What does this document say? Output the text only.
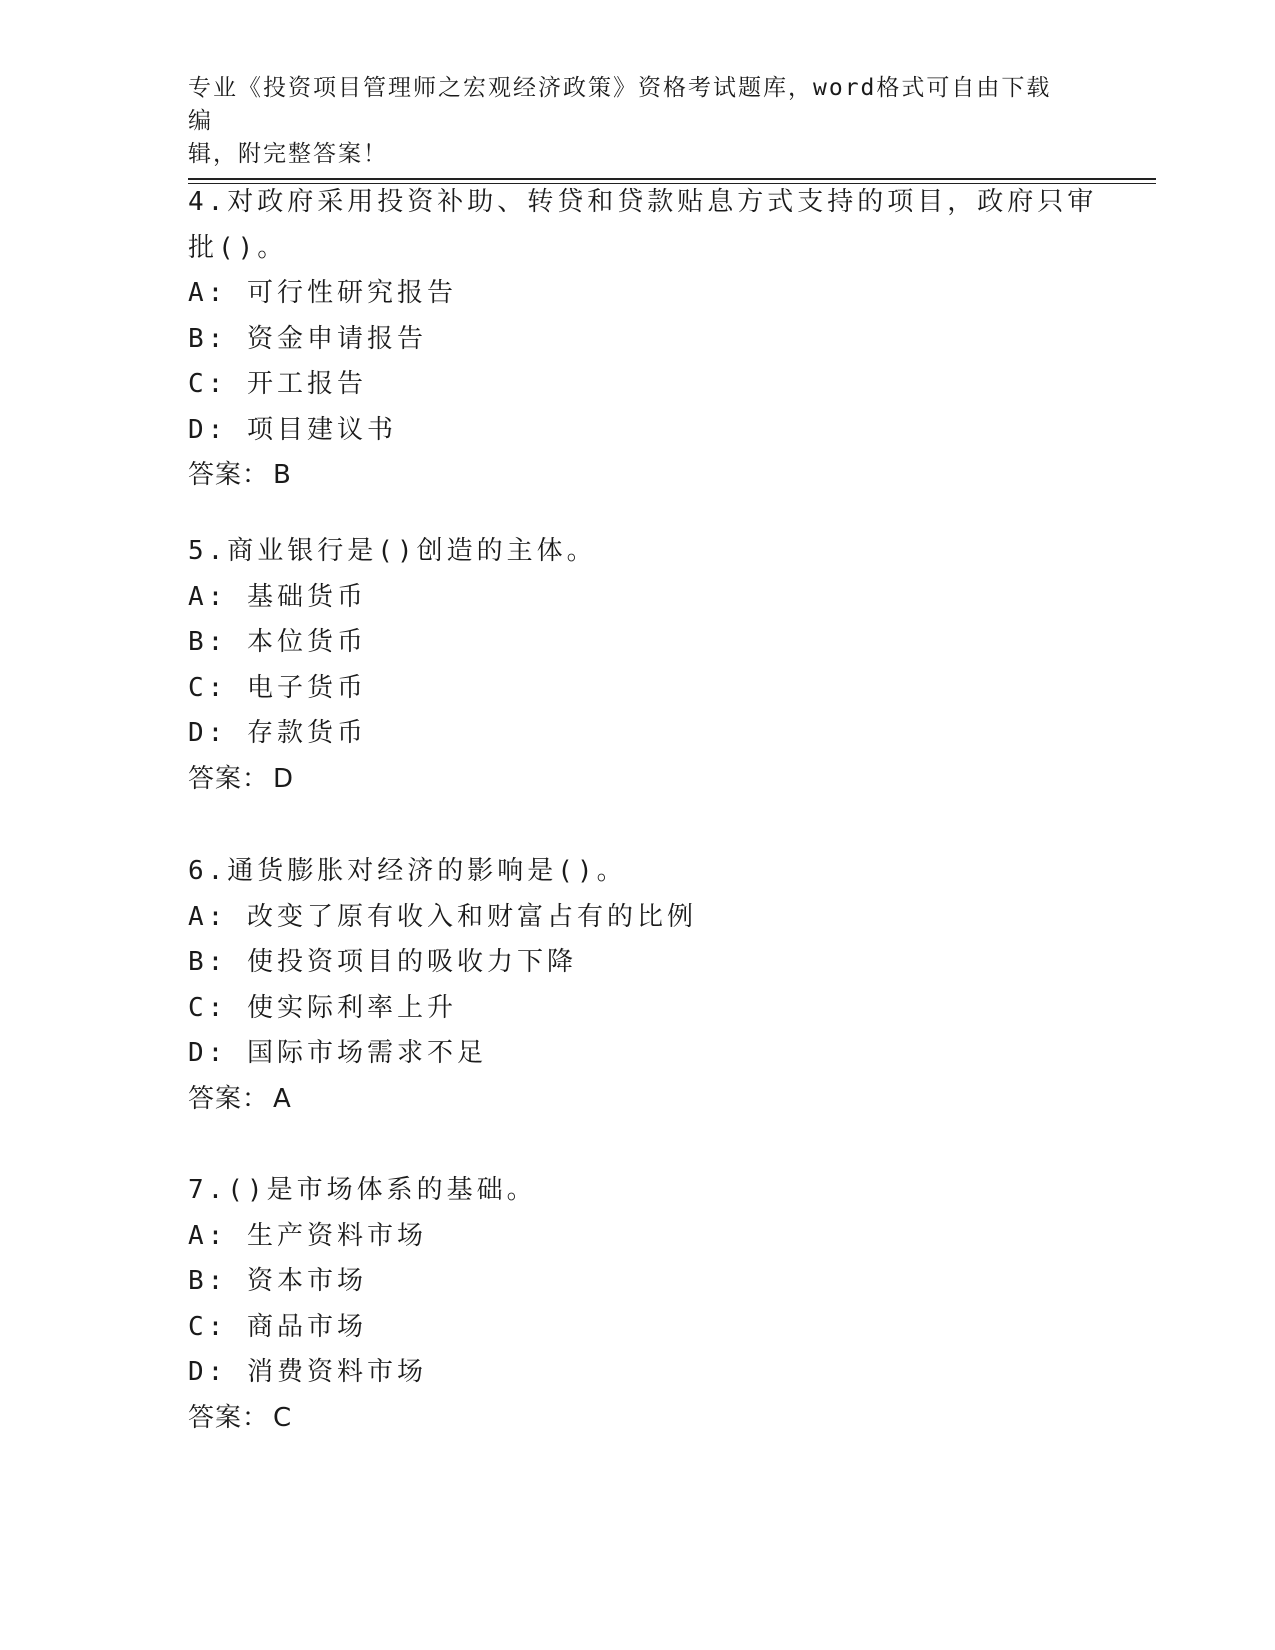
专业《投资项目管理师之宏观经济政策》资格考试题库，word格式可自由下载编
辑，附完整答案！
4.对政府采用投资补助、转贷和贷款贴息方式支持的项目，政府只审
批()。
A: 可行性研究报告
B: 资金申请报告
C: 开工报告
D: 项目建议书
答案： B
5.商业银行是()创造的主体。
A: 基础货币
B: 本位货币
C: 电子货币
D: 存款货币
答案： D
6.通货膨胀对经济的影响是()。
A: 改变了原有收入和财富占有的比例
B: 使投资项目的吸收力下降
C: 使实际利率上升
D: 国际市场需求不足
答案： A
7.()是市场体系的基础。
A: 生产资料市场
B: 资本市场
C: 商品市场
D: 消费资料市场
答案： C
